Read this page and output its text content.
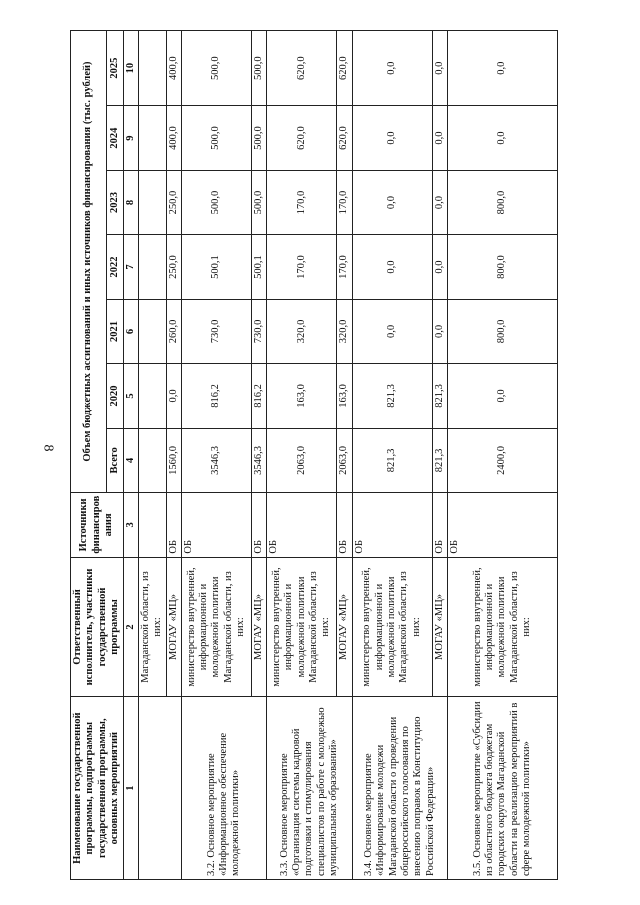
8
Наименование государственной программы, подпрограммы государственной программы, основных мероприятий	Ответственный исполнитель, участники государственной программы	Источники финансиров ания	Объем бюджетных ассигнований и иных источников финансирования (тыс. рублей)						
			Всего	2020	2021	2022	2023	2024	2025
1	2	3	4	5	6	7	8	9	10
	Магаданской области, из них:								
	МОГАУ «МЦ»	ОБ	1560,0	0,0	260,0	250,0	250,0	400,0	400,0
3.2. Основное мероприятие «Информационное обеспечение молодежной политики»	министерство внутренней, информационной и молодежной политики Магаданской области, из них:	ОБ	3546,3	816,2	730,0	500,1	500,0	500,0	500,0
	МОГАУ «МЦ»	ОБ	3546,3	816,2	730,0	500,1	500,0	500,0	500,0
3.3. Основное мероприятие «Организация системы кадровой подготовки и стимулирования специалистов по работе с молодежью муниципальных образований»	министерство внутренней, информационной и молодежной политики Магаданской области, из них:	ОБ	2063,0	163,0	320,0	170,0	170,0	620,0	620,0
	МОГАУ «МЦ»	ОБ	2063,0	163,0	320,0	170,0	170,0	620,0	620,0
3.4. Основное мероприятие «Информирование молодежи Магаданской области о проведении общероссийского голосования по внесению поправок в Конституцию Российской Федерации»	министерство внутренней, информационной и молодежной политики Магаданской области, из них:	ОБ	821,3	821,3	0,0	0,0	0,0	0,0	0,0
	МОГАУ «МЦ»	ОБ	821,3	821,3	0,0	0,0	0,0	0,0	0,0
3.5. Основное мероприятие «Субсидии из областного бюджета бюджетам городских округов Магаданской области на реализацию мероприятий в сфере молодежной политики»	министерство внутренней, информационной и молодежной политики Магаданской области, из них:	ОБ	2400,0	0,0	800,0	800,0	800,0	0,0	0,0
